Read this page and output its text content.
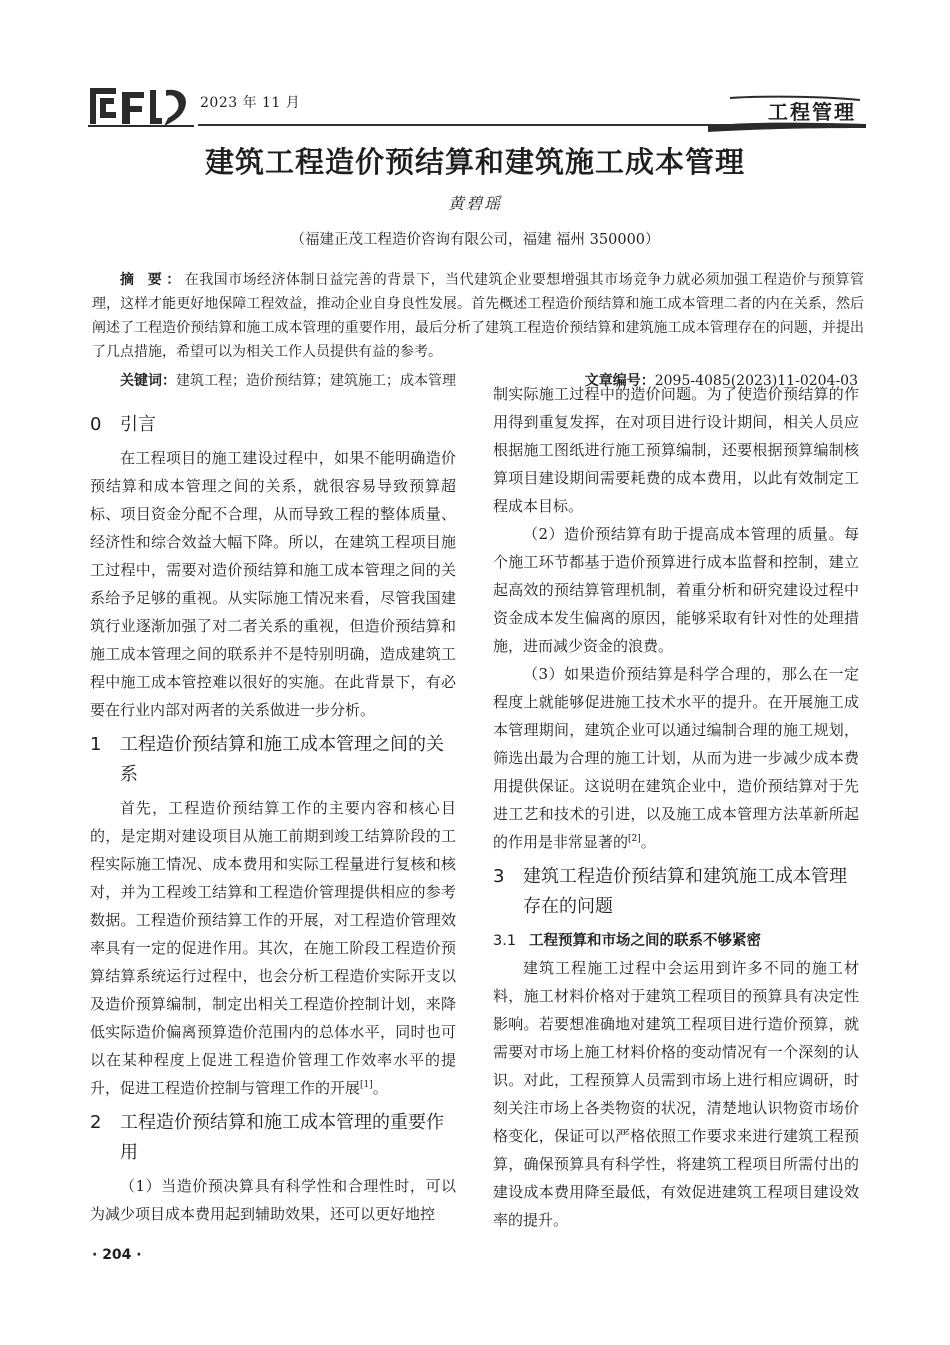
2023 年 11 月	工程管理
建筑工程造价预结算和建筑施工成本管理
黄碧瑶
（福建正茂工程造价咨询有限公司，福建 福州 350000）
摘 要：在我国市场经济体制日益完善的背景下，当代建筑企业要想增强其市场竞争力就必须加强工程造价与预算管理，这样才能更好地保障工程效益，推动企业自身良性发展。首先概述工程造价预结算和施工成本管理二者的内在关系，然后阐述了工程造价预结算和施工成本管理的重要作用，最后分析了建筑工程造价预结算和建筑施工成本管理存在的问题，并提出了几点措施，希望可以为相关工作人员提供有益的参考。
关键词：建筑工程；造价预结算；建筑施工；成本管理	文章编号：2095-4085(2023)11-0204-03
0 引言

在工程项目的施工建设过程中，如果不能明确造价预结算和成本管理之间的关系，就很容易导致预算超标、项目资金分配不合理，从而导致工程的整体质量、经济性和综合效益大幅下降。所以，在建筑工程项目施工过程中，需要对造价预结算和施工成本管理之间的关系给予足够的重视。从实际施工情况来看，尽管我国建筑行业逐渐加强了对二者关系的重视，但造价预结算和施工成本管理之间的联系并不是特别明确，造成建筑工程中施工成本管控难以很好的实施。在此背景下，有必要在行业内部对两者的关系做进一步分析。

1 工程造价预结算和施工成本管理之间的关系

首先，工程造价预结算工作的主要内容和核心目的，是定期对建设项目从施工前期到竣工结算阶段的工程实际施工情况、成本费用和实际工程量进行复核和核对，并为工程竣工结算和工程造价管理提供相应的参考数据。工程造价预结算工作的开展，对工程造价管理效率具有一定的促进作用。其次，在施工阶段工程造价预算结算系统运行过程中，也会分析工程造价实际开支以及造价预算编制，制定出相关工程造价控制计划，来降低实际造价偏离预算造价范围内的总体水平，同时也可以在某种程度上促进工程造价管理工作效率水平的提升，促进工程造价控制与管理工作的开展[1]。

2 工程造价预结算和施工成本管理的重要作用

（1）当造价预决算具有科学性和合理性时，可以为减少项目成本费用起到辅助效果，还可以更好地控

制实际施工过程中的造价问题。为了使造价预结算的作用得到重复发挥，在对项目进行设计期间，相关人员应根据施工图纸进行施工预算编制，还要根据预算编制核算项目建设期间需要耗费的成本费用，以此有效制定工程成本目标。

（2）造价预结算有助于提高成本管理的质量。每个施工环节都基于造价预算进行成本监督和控制，建立起高效的预结算管理机制，着重分析和研究建设过程中资金成本发生偏离的原因，能够采取有针对性的处理措施，进而减少资金的浪费。

（3）如果造价预结算是科学合理的，那么在一定程度上就能够促进施工技术水平的提升。在开展施工成本管理期间，建筑企业可以通过编制合理的施工规划，筛选出最为合理的施工计划，从而为进一步减少成本费用提供保证。这说明在建筑企业中，造价预结算对于先进工艺和技术的引进，以及施工成本管理方法革新所起的作用是非常显著的[2]。

3 建筑工程造价预结算和建筑施工成本管理存在的问题
3.1 工程预算和市场之间的联系不够紧密

建筑工程施工过程中会运用到许多不同的施工材料，施工材料价格对于建筑工程项目的预算具有决定性影响。若要想准确地对建筑工程项目进行造价预算，就需要对市场上施工材料价格的变动情况有一个深刻的认识。对此，工程预算人员需到市场上进行相应调研，时刻关注市场上各类物资的状况，清楚地认识物资市场价格变化，保证可以严格依照工作要求来进行建筑工程预算，确保预算具有科学性，将建筑工程项目所需付出的建设成本费用降至最低，有效促进建筑工程项目建设效率的提升。

· 204 ·
